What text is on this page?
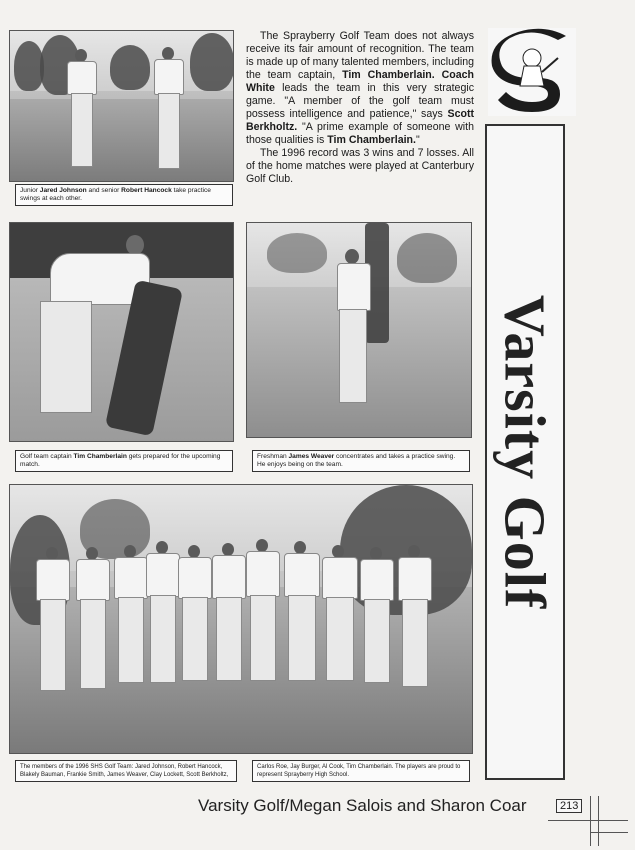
Junior Jared Johnson and senior Robert Hancock take practice swings at each other.

The Sprayberry Golf Team does not always receive its fair amount of recognition. The team is made up of many talented members, including the team captain, Tim Chamberlain. Coach White leads the team in this very strategic game. "A member of the golf team must possess intelligence and patience," says Scott Berkholtz. "A prime example of someone with those qualities is Tim Chamberlain."

The 1996 record was 3 wins and 7 losses. All of the home matches were played at Canterbury Golf Club.

Varsity Golf
Golf team captain Tim Chamberlain gets prepared for the upcoming match.
Freshman James Weaver concentrates and takes a practice swing. He enjoys being on the team.
The members of the 1996 SHS Golf Team: Jared Johnson, Robert Hancock, Blakely Bauman, Frankie Smith, James Weaver, Clay Lockett, Scott Berkholtz,
Carlos Roe, Jay Burger, Al Cook, Tim Chamberlain. The players are proud to represent Sprayberry High School.
Varsity Golf/Megan Salois and Sharon Coar	213
